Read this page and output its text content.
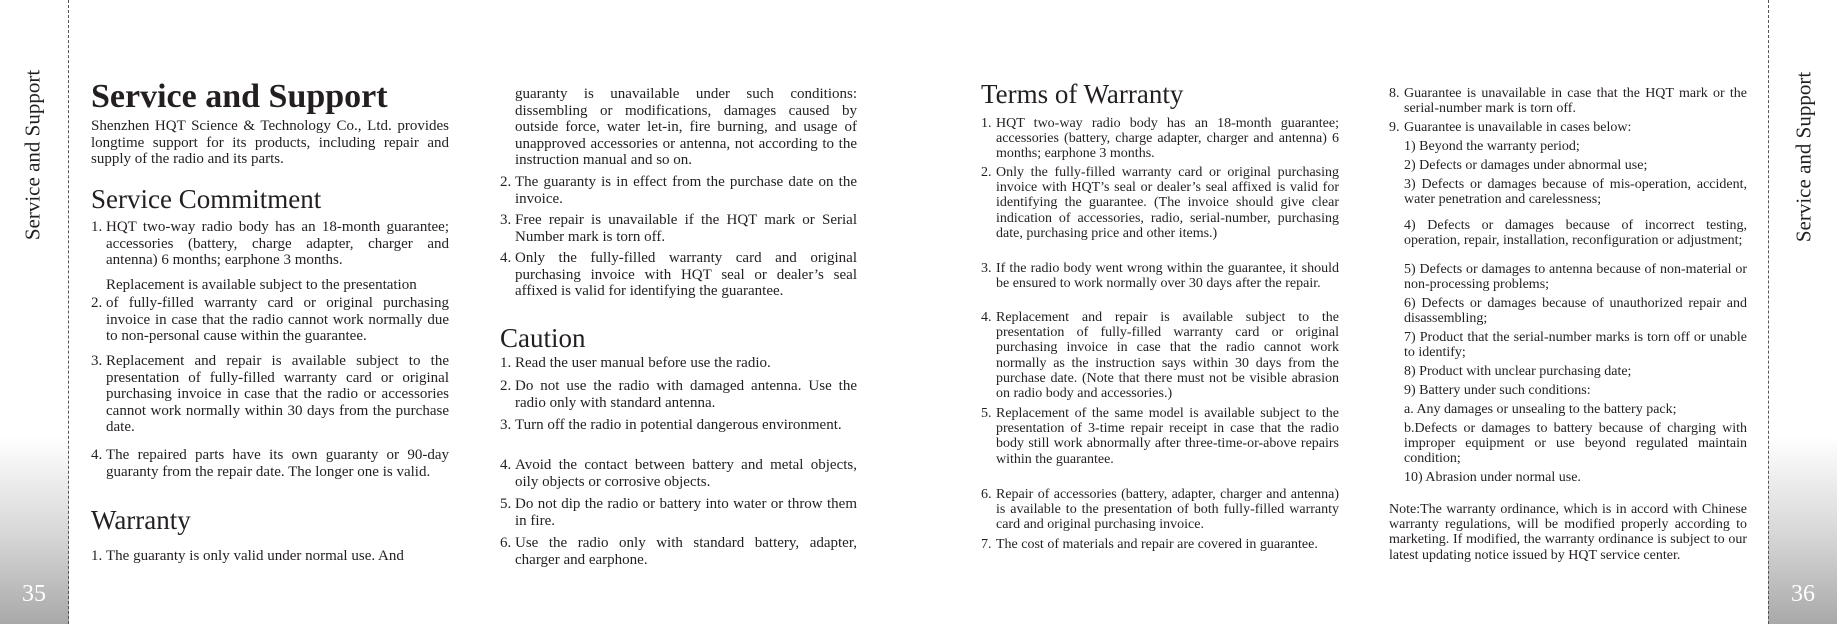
Service and Support
35
Service and Support
36
Service and Support

Shenzhen HQT Science & Technology Co., Ltd. provides longtime support for its products, including repair and supply of the radio and its parts.

Service Commitment
1. HQT two-way radio body has an 18-month guarantee; accessories (battery, charge adapter, charger and antenna) 6 months; earphone 3 months.
Replacement is available subject to the presentation
2. of fully-filled warranty card or original purchasing invoice in case that the radio cannot work normally due to non-personal cause within the guarantee.
3. Replacement and repair is available subject to the presentation of fully-filled warranty card or original purchasing invoice in case that the radio or accessories cannot work normally within 30 days from the purchase date.
4. The repaired parts have its own guaranty or 90-day guaranty from the repair date. The longer one is valid.
Warranty
1. The guaranty is only valid under normal use. And

guaranty is unavailable under such conditions: dissembling or modifications, damages caused by outside force, water let-in, fire burning, and usage of unapproved accessories or antenna, not according to the instruction manual and so on.

2. The guaranty is in effect from the purchase date on the invoice.
3. Free repair is unavailable if the HQT mark or Serial Number mark is torn off.
4. Only the fully-filled warranty card and original purchasing invoice with HQT seal or dealer’s seal affixed is valid for identifying the guarantee.
Caution
1. Read the user manual before use the radio.
2. Do not use the radio with damaged antenna. Use the radio only with standard antenna.
3. Turn off the radio in potential dangerous environment.
4. Avoid the contact between battery and metal objects, oily objects or corrosive objects.
5. Do not dip the radio or battery into water or throw them in fire.
6. Use the radio only with standard battery, adapter, charger and earphone.
Terms of Warranty
1. HQT two-way radio body has an 18-month guarantee; accessories (battery, charge adapter, charger and antenna) 6 months; earphone 3 months.
2. Only the fully-filled warranty card or original purchasing invoice with HQT’s seal or dealer’s seal affixed is valid for identifying the guarantee. (The invoice should give clear indication of accessories, radio, serial-number, purchasing date, purchasing price and other items.)
3. If the radio body went wrong within the guarantee, it should be ensured to work normally over 30 days after the repair.
4. Replacement and repair is available subject to the presentation of fully-filled warranty card or original purchasing invoice in case that the radio cannot work normally as the instruction says within 30 days from the purchase date. (Note that there must not be visible abrasion on radio body and accessories.)
5. Replacement of the same model is available subject to the presentation of 3-time repair receipt in case that the radio body still work abnormally after three-time-or-above repairs within the guarantee.
6. Repair of accessories (battery, adapter, charger and antenna) is available to the presentation of both fully-filled warranty card and original purchasing invoice.
7. The cost of materials and repair are covered in guarantee.
8. Guarantee is unavailable in case that the HQT mark or the serial-number mark is torn off.
9. Guarantee is unavailable in cases below:
1) Beyond the warranty period;
2) Defects or damages under abnormal use;
3) Defects or damages because of mis-operation, accident, water penetration and carelessness;
4) Defects or damages because of incorrect testing, operation, repair, installation, reconfiguration or adjustment;
5) Defects or damages to antenna because of non-material or non-processing problems;
6) Defects or damages because of unauthorized repair and disassembling;
7) Product that the serial-number marks is torn off or unable to identify;
8) Product with unclear purchasing date;
9) Battery under such conditions:
a. Any damages or unsealing to the battery pack;
b.Defects or damages to battery because of charging with improper equipment or use beyond regulated maintain condition;
10) Abrasion under normal use.

Note:The warranty ordinance, which is in accord with Chinese warranty regulations, will be modified properly according to marketing. If modified, the warranty ordinance is subject to our latest updating notice issued by HQT service center.
